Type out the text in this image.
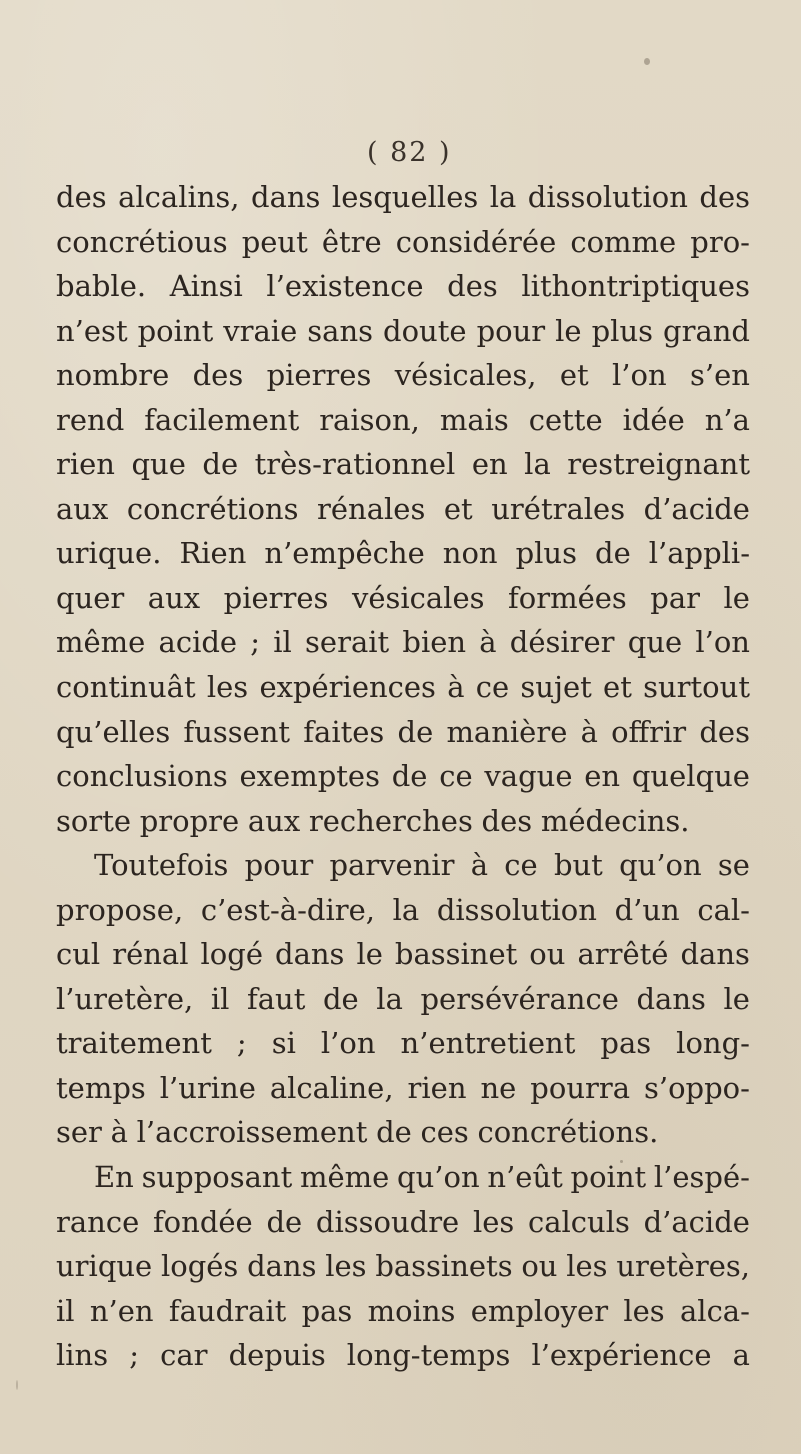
( 82 )
des alcalins, dans lesquelles la dissolution des
concrétious peut être considérée comme pro-
bable. Ainsi l’existence des lithontriptiques
n’est point vraie sans doute pour le plus grand
nombre des pierres vésicales, et l’on s’en
rend facilement raison, mais cette idée n’a
rien que de très-rationnel en la restreignant
aux concrétions rénales et urétrales d’acide
urique. Rien n’empêche non plus de l’appli-
quer aux pierres vésicales formées par le
même acide ; il serait bien à désirer que l’on
continuât les expériences à ce sujet et surtout
qu’elles fussent faites de manière à offrir des
conclusions exemptes de ce vague en quelque
sorte propre aux recherches des médecins.
Toutefois pour parvenir à ce but qu’on se
propose, c’est-à-dire, la dissolution d’un cal-
cul rénal logé dans le bassinet ou arrêté dans
l’uretère, il faut de la persévérance dans le
traitement ; si l’on n’entretient pas long-
temps l’urine alcaline, rien ne pourra s’oppo-
ser à l’accroissement de ces concrétions.
En supposant même qu’on n’eût point l’espé-
rance fondée de dissoudre les calculs d’acide
urique logés dans les bassinets ou les uretères,
il n’en faudrait pas moins employer les alca-
lins ; car depuis long-temps l’expérience a
